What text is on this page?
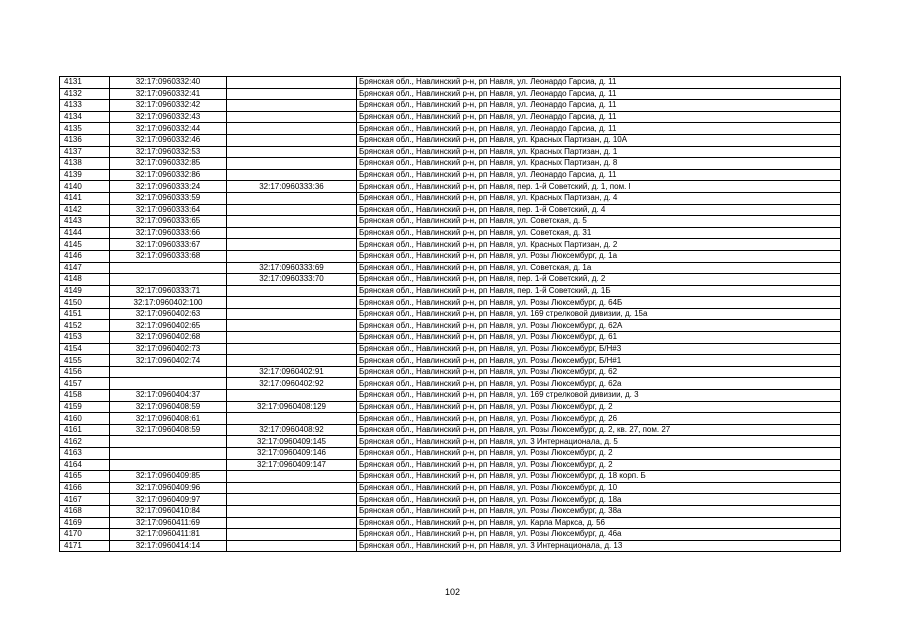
4131	32:17:0960332:40		Брянская обл., Навлинский р-н, рп Навля, ул. Леонардо Гарсиа, д. 11
4132	32:17:0960332:41		Брянская обл., Навлинский р-н, рп Навля, ул. Леонардо Гарсиа, д. 11
4133	32:17:0960332:42		Брянская обл., Навлинский р-н, рп Навля, ул. Леонардо Гарсиа, д. 11
4134	32:17:0960332:43		Брянская обл., Навлинский р-н, рп Навля, ул. Леонардо Гарсиа, д. 11
4135	32:17:0960332:44		Брянская обл., Навлинский р-н, рп Навля, ул. Леонардо Гарсиа, д. 11
4136	32:17:0960332:46		Брянская обл., Навлинский р-н, рп Навля, ул. Красных Партизан, д. 10А
4137	32:17:0960332:53		Брянская обл., Навлинский р-н, рп Навля, ул. Красных Партизан, д. 1
4138	32:17:0960332:85		Брянская обл., Навлинский р-н, рп Навля, ул. Красных Партизан, д. 8
4139	32:17:0960332:86		Брянская обл., Навлинский р-н, рп Навля, ул. Леонардо Гарсиа, д. 11
4140	32:17:0960333:24	32:17:0960333:36	Брянская обл., Навлинский р-н, рп Навля, пер. 1-й Советский, д. 1, пом. I
4141	32:17:0960333:59		Брянская обл., Навлинский р-н, рп Навля, ул. Красных Партизан, д. 4
4142	32:17:0960333:64		Брянская обл., Навлинский р-н, рп Навля, пер. 1-й Советский, д. 4
4143	32:17:0960333:65		Брянская обл., Навлинский р-н, рп Навля, ул. Советская, д. 5
4144	32:17:0960333:66		Брянская обл., Навлинский р-н, рп Навля, ул. Советская, д. 31
4145	32:17:0960333:67		Брянская обл., Навлинский р-н, рп Навля, ул. Красных Партизан, д. 2
4146	32:17:0960333:68		Брянская обл., Навлинский р-н, рп Навля, ул. Розы Люксембург, д. 1а
4147		32:17:0960333:69	Брянская обл., Навлинский р-н, рп Навля, ул. Советская, д. 1а
4148		32:17:0960333:70	Брянская обл., Навлинский р-н, рп Навля, пер. 1-й Советский, д. 2
4149	32:17:0960333:71		Брянская обл., Навлинский р-н, рп Навля, пер. 1-й Советский, д. 1Б
4150	32:17:0960402:100		Брянская обл., Навлинский р-н, рп Навля, ул. Розы Люксембург, д. 64Б
4151	32:17:0960402:63		Брянская обл., Навлинский р-н, рп Навля, ул. 169 стрелковой дивизии, д. 15а
4152	32:17:0960402:65		Брянская обл., Навлинский р-н, рп Навля, ул. Розы Люксембург, д. 62А
4153	32:17:0960402:68		Брянская обл., Навлинский р-н, рп Навля, ул. Розы Люксембург, д. 61
4154	32:17:0960402:73		Брянская обл., Навлинский р-н, рп Навля, ул. Розы Люксембург, Б/Н#3
4155	32:17:0960402:74		Брянская обл., Навлинский р-н, рп Навля, ул. Розы Люксембург, Б/Н#1
4156		32:17:0960402:91	Брянская обл., Навлинский р-н, рп Навля, ул. Розы Люксембург, д. 62
4157		32:17:0960402:92	Брянская обл., Навлинский р-н, рп Навля, ул. Розы Люксембург, д. 62а
4158	32:17:0960404:37		Брянская обл., Навлинский р-н, рп Навля, ул. 169 стрелковой дивизии, д. 3
4159	32:17:0960408:59	32:17:0960408:129	Брянская обл., Навлинский р-н, рп Навля, ул. Розы Люксембург, д. 2
4160	32:17:0960408:61		Брянская обл., Навлинский р-н, рп Навля, ул. Розы Люксембург, д. 26
4161	32:17:0960408:59	32:17:0960408:92	Брянская обл., Навлинский р-н, рп Навля, ул. Розы Люксембург, д. 2, кв. 27, пом. 27
4162		32:17:0960409:145	Брянская обл., Навлинский р-н, рп Навля, ул. 3 Интернационала, д. 5
4163		32:17:0960409:146	Брянская обл., Навлинский р-н, рп Навля, ул. Розы Люксембург, д. 2
4164		32:17:0960409:147	Брянская обл., Навлинский р-н, рп Навля, ул. Розы Люксембург, д. 2
4165	32:17:0960409:85		Брянская обл., Навлинский р-н, рп Навля, ул. Розы Люксембург, д. 18 корп. Б
4166	32:17:0960409:96		Брянская обл., Навлинский р-н, рп Навля, ул. Розы Люксембург, д. 10
4167	32:17:0960409:97		Брянская обл., Навлинский р-н, рп Навля, ул. Розы Люксембург, д. 18а
4168	32:17:0960410:84		Брянская обл., Навлинский р-н, рп Навля, ул. Розы Люксембург, д. 38а
4169	32:17:0960411:69		Брянская обл., Навлинский р-н, рп Навля, ул. Карла Маркса, д. 56
4170	32:17:0960411:81		Брянская обл., Навлинский р-н, рп Навля, ул. Розы Люксембург, д. 46а
4171	32:17:0960414:14		Брянская обл., Навлинский р-н, рп Навля, ул. 3 Интернационала, д. 13
102
